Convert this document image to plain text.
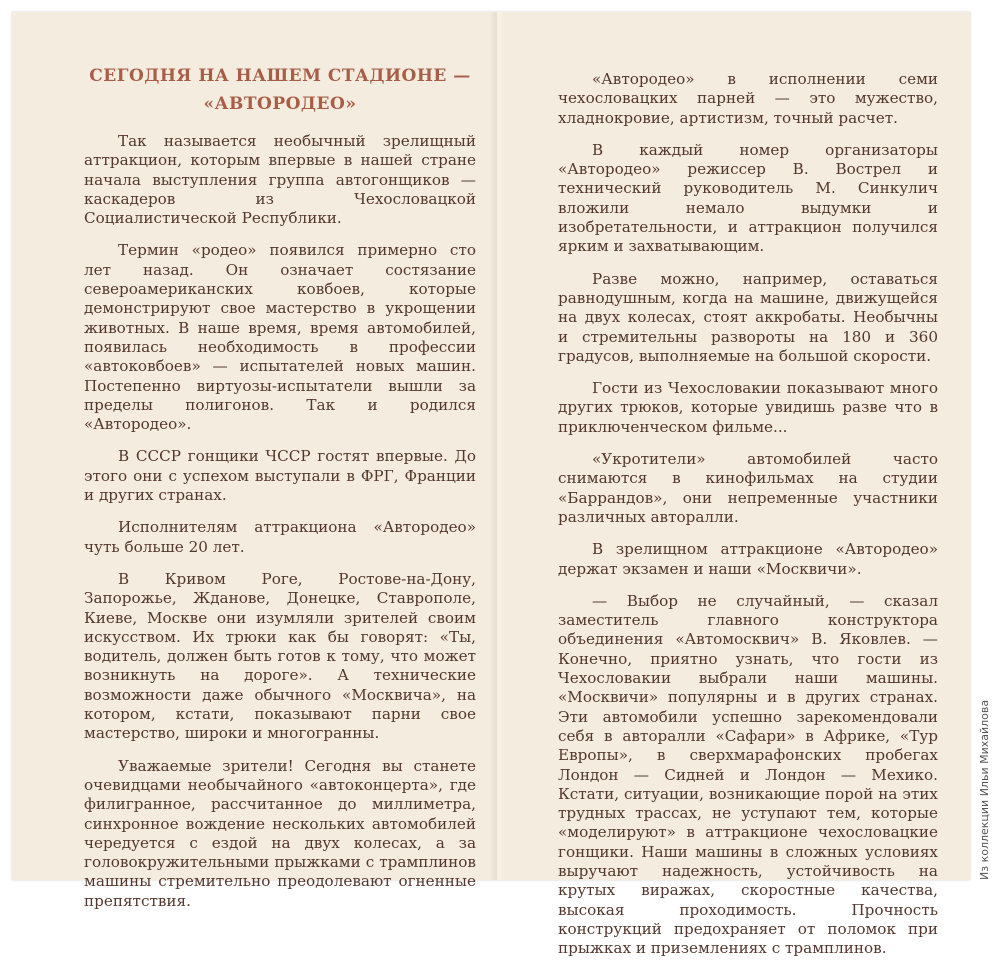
СЕГОДНЯ НА НАШЕМ СТАДИОНЕ —
«АВТОРОДЕО»

Так называется необычный зрелищный аттракцион, которым впервые в нашей стране начала выступления группа автогонщиков — каскадеров из Чехословацкой Социалистической Республики.

Термин «родео» появился примерно сто лет назад. Он означает состязание североамериканских ковбоев, которые демонстрируют свое мастерство в укрощении животных. В наше время, время автомобилей, появилась необходимость в профессии «автоковбоев» — испытателей новых машин. Постепенно виртуозы-испытатели вышли за пределы полигонов. Так и родился «Авторoдео».

В СССР гонщики ЧССР гостят впервые. До этого они с успехом выступали в ФРГ, Франции и других странах.

Исполнителям аттракциона «Авторoдео» чуть больше 20 лет.

В Кривом Роге, Ростове-на-Дону, Запорожье, Жданове, Донецке, Ставрополе, Киеве, Москве они изумляли зрителей своим искусством. Их трюки как бы говорят: «Ты, водитель, должен быть готов к тому, что может возникнуть на дороге». А технические возможности даже обычного «Москвича», на котором, кстати, показывают парни свое мастерство, широки и многогранны.

Уважаемые зрители! Сегодня вы станете очевидцами необычайного «автоконцерта», где филигранное, рассчитанное до миллиметра, синхронное вождение нескольких автомобилей чередуется с ездой на двух колесах, а за головокружительными прыжками с трамплинов машины стремительно преодолевают огненные препятствия.

«Авторoдео» в исполнении семи чехословацких парней — это мужество, хладнокровие, артистизм, точный расчет.

В каждый номер организаторы «Авторoдео» режиссер В. Вострел и технический руководитель М. Синкулич вложили немало выдумки и изобретательности, и аттракцион получился ярким и захватывающим.

Разве можно, например, оставаться равнодушным, когда на машине, движущейся на двух колесах, стоят аккробаты. Необычны и стремительны развороты на 180 и 360 градусов, выполняемые на большой скорости.

Гости из Чехословакии показывают много других трюков, которые увидишь разве что в приключенческом фильме...

«Укротители» автомобилей часто снимаются в кинофильмах на студии «Баррандов», они непременные участники различных автоpалли.

В зрелищном аттракционе «Авторoдео» держат экзамен и наши «Москвичи».

— Выбор не случайный, — сказал заместитель главного конструктора объединения «Автомосквич» В. Яковлев. — Конечно, приятно узнать, что гости из Чехословакии выбрали наши машины. «Москвичи» популярны и в других странах. Эти автомобили успешно зарекомендовали себя в авторалли «Сафари» в Африке, «Тур Европы», в сверхмарафонских пробегах Лондон — Сидней и Лондон — Мехико. Кстати, ситуации, возникающие порой на этих трудных трассах, не уступают тем, которые «моделируют» в аттракционе чехословацкие гонщики. Наши машины в сложных условиях выручают надежность, устойчивость на крутых виражах, скоростные качества, высокая проходимость. Прочность конструкций предохраняет от поломок при прыжках и приземлениях с трамплинов.

Из коллекции Ильи Михайлова
